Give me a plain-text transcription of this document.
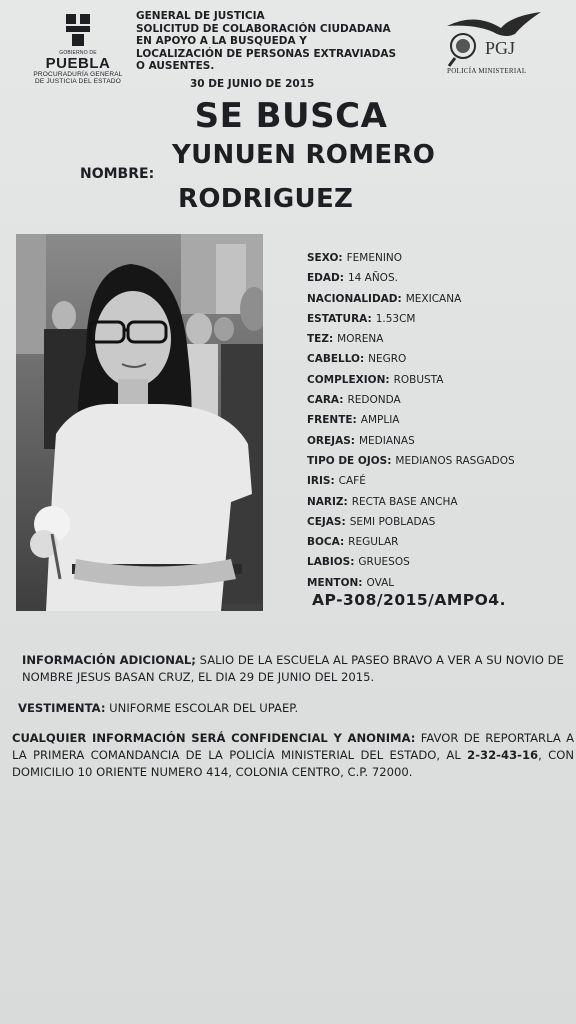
GOBIERNO DE
PUEBLA
PROCURADURÍA GENERAL
DE JUSTICIA DEL ESTADO
GENERAL DE JUSTICIA
SOLICITUD DE COLABORACIÓN CIUDADANA
EN APOYO A LA BUSQUEDA Y
LOCALIZACIÓN DE PERSONAS EXTRAVIADAS
O AUSENTES.
30 DE JUNIO DE 2015
PGJ
POLICÍA MINISTERIAL
SE BUSCA
NOMBRE:
YUNUEN ROMERO
RODRIGUEZ
SEXO: FEMENINO
EDAD: 14 AÑOS.
NACIONALIDAD: MEXICANA
ESTATURA: 1.53CM
TEZ: MORENA
CABELLO: NEGRO
COMPLEXION: ROBUSTA
CARA: REDONDA
FRENTE: AMPLIA
OREJAS: MEDIANAS
TIPO DE OJOS: MEDIANOS RASGADOS
IRIS: CAFÉ
NARIZ: RECTA BASE ANCHA
CEJAS: SEMI POBLADAS
BOCA: REGULAR
LABIOS: GRUESOS
MENTON: OVAL
AP-308/2015/AMPO4.
INFORMACIÓN ADICIONAL; SALIO DE LA ESCUELA AL PASEO BRAVO A VER A SU NOVIO DE NOMBRE JESUS BASAN CRUZ, EL DIA 29 DE JUNIO DEL 2015.
VESTIMENTA: UNIFORME ESCOLAR DEL UPAEP.
CUALQUIER INFORMACIÓN SERÁ CONFIDENCIAL Y ANONIMA: FAVOR DE REPORTARLA A LA PRIMERA COMANDANCIA DE LA POLICÍA MINISTERIAL DEL ESTADO, AL 2-32-43-16, CON DOMICILIO 10 ORIENTE NUMERO 414, COLONIA CENTRO, C.P. 72000.
